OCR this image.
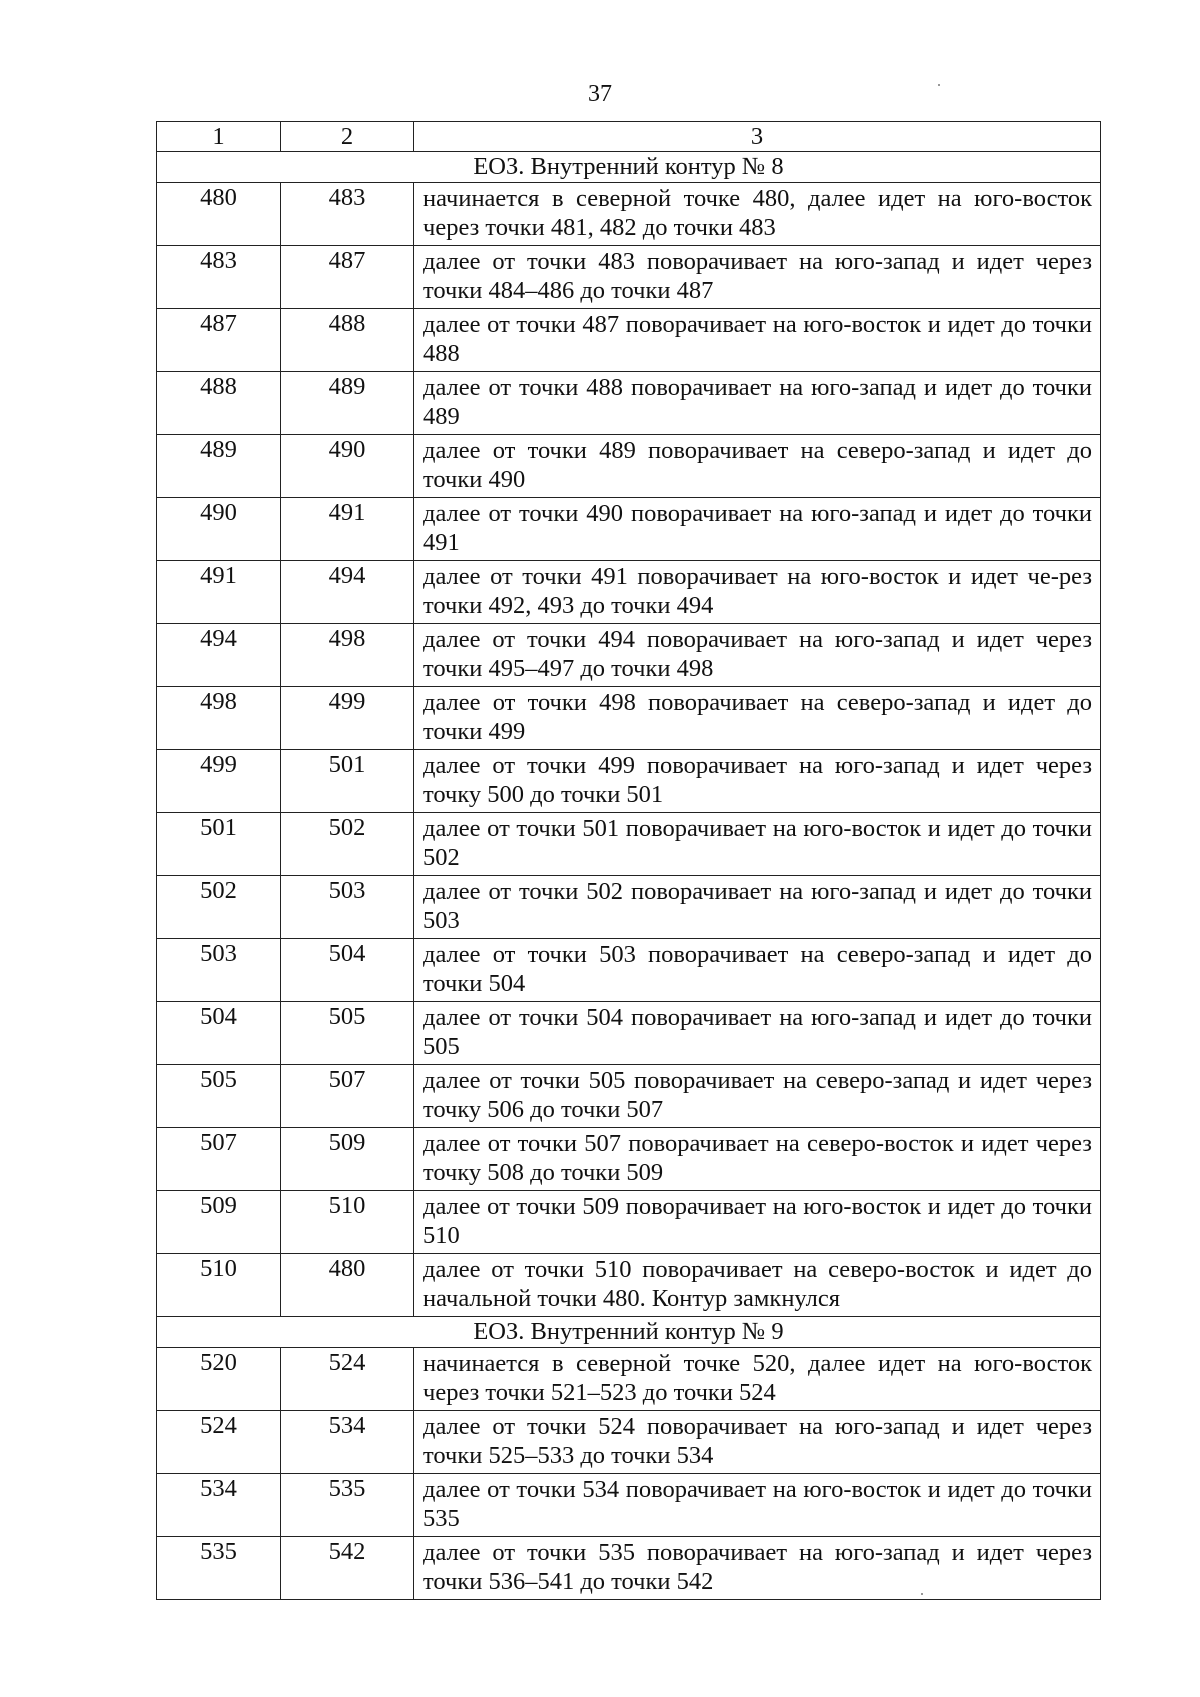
37
1	2	3
ЕОЗ. Внутренний контур № 8		
480	483	начинается в северной точке 480, далее идет на юго-восток через точки 481, 482 до точки 483
483	487	далее от точки 483 поворачивает на юго-запад и идет через точки 484–486 до точки 487
487	488	далее от точки 487 поворачивает на юго-восток и идет до точки 488
488	489	далее от точки 488 поворачивает на юго-запад и идет до точки 489
489	490	далее от точки 489 поворачивает на северо-запад и идет до точки 490
490	491	далее от точки 490 поворачивает на юго-запад и идет до точки 491
491	494	далее от точки 491 поворачивает на юго-восток и идет че-рез точки 492, 493 до точки 494
494	498	далее от точки 494 поворачивает на юго-запад и идет через точки 495–497 до точки 498
498	499	далее от точки 498 поворачивает на северо-запад и идет до точки 499
499	501	далее от точки 499 поворачивает на юго-запад и идет через точку 500 до точки 501
501	502	далее от точки 501 поворачивает на юго-восток и идет до точки 502
502	503	далее от точки 502 поворачивает на юго-запад и идет до точки 503
503	504	далее от точки 503 поворачивает на северо-запад и идет до точки 504
504	505	далее от точки 504 поворачивает на юго-запад и идет до точки 505
505	507	далее от точки 505 поворачивает на северо-запад и идет через точку 506 до точки 507
507	509	далее от точки 507 поворачивает на северо-восток и идет через точку 508 до точки 509
509	510	далее от точки 509 поворачивает на юго-восток и идет до точки 510
510	480	далее от точки 510 поворачивает на северо-восток и идет до начальной точки 480. Контур замкнулся
ЕОЗ. Внутренний контур № 9		
520	524	начинается в северной точке 520, далее идет на юго-восток через точки 521–523 до точки 524
524	534	далее от точки 524 поворачивает на юго-запад и идет через точки 525–533 до точки 534
534	535	далее от точки 534 поворачивает на юго-восток и идет до точки 535
535	542	далее от точки 535 поворачивает на юго-запад и идет через точки 536–541 до точки 542
